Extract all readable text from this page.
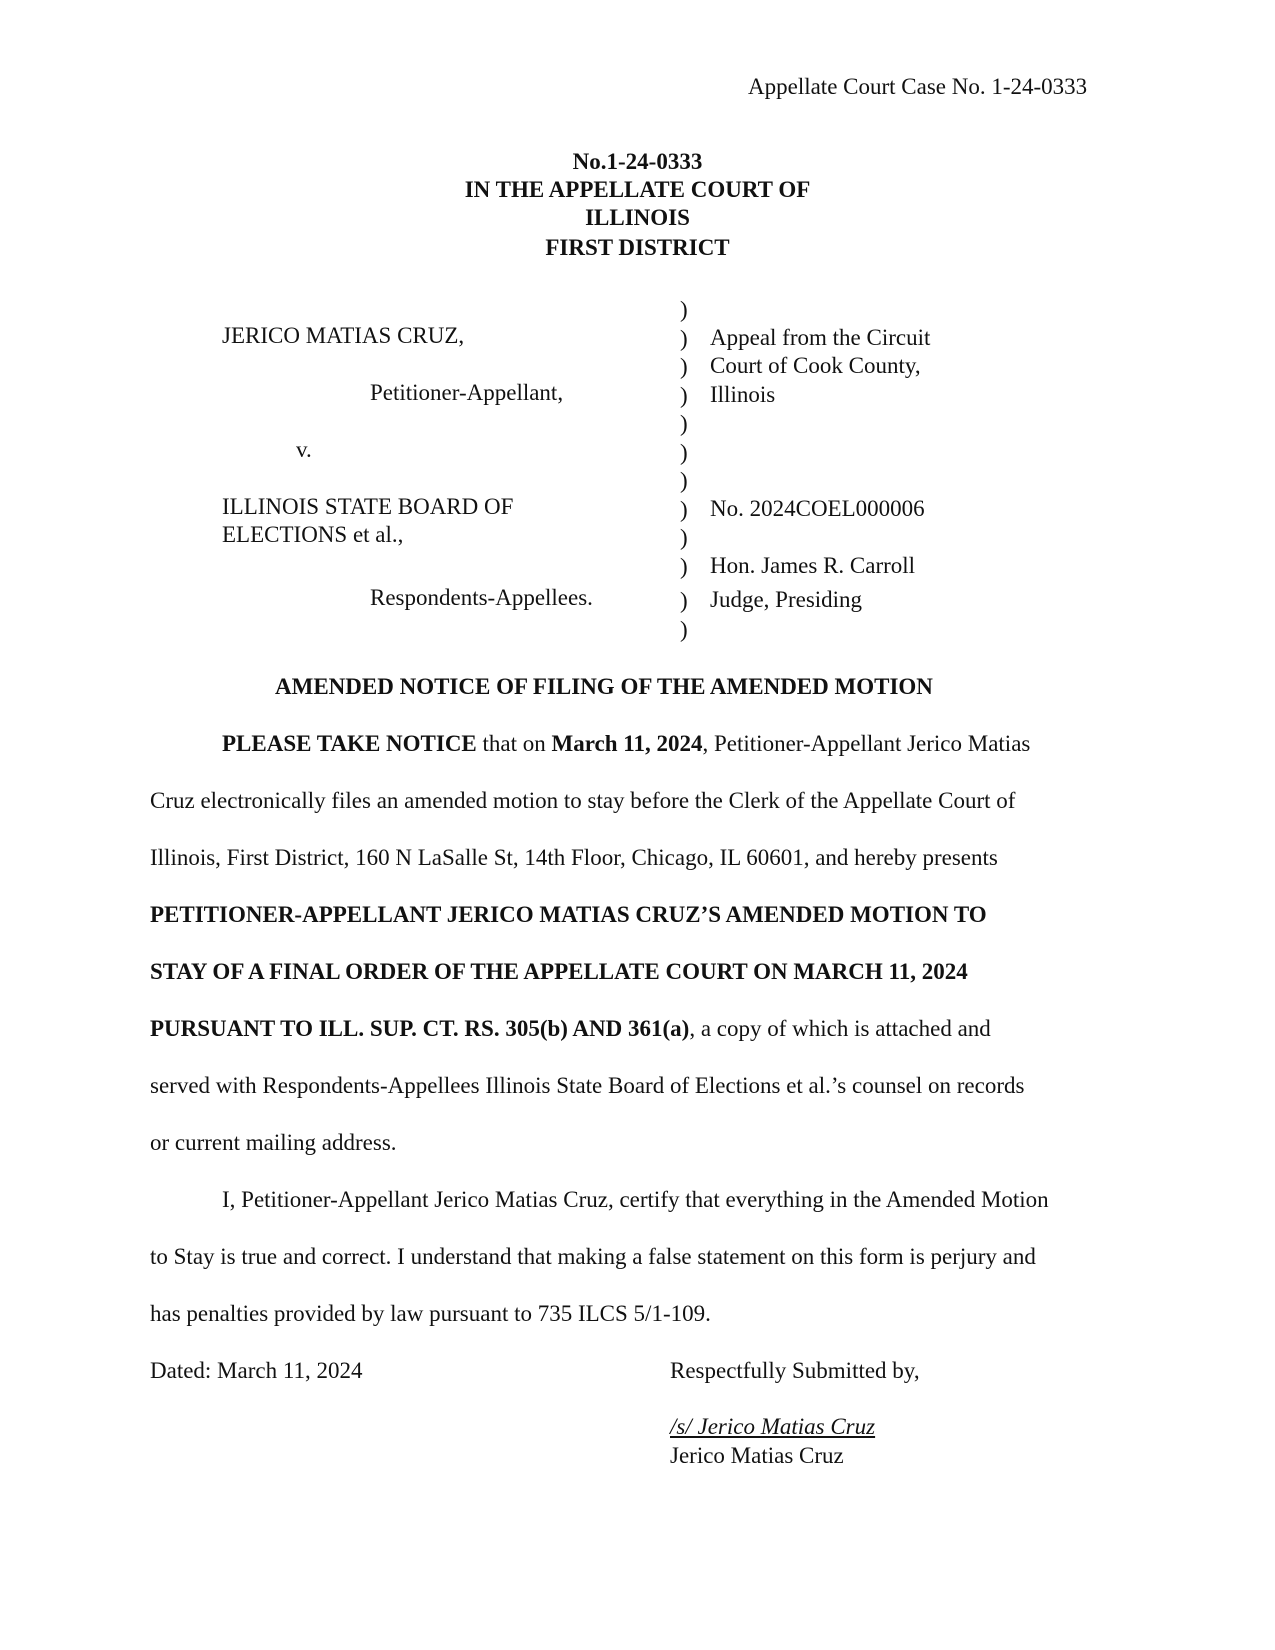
Appellate Court Case No. 1-24-0333
No.1-24-0333
IN THE APPELLATE COURT OF
ILLINOIS
FIRST DISTRICT
JERICO MATIAS CRUZ,
Petitioner-Appellant,
v.
ILLINOIS STATE BOARD OF
ELECTIONS et al.,
Respondents-Appellees.
)
)
)
)
)
)
)
)
)
)
)
)
Appeal from the Circuit
Court of Cook County,
Illinois
No. 2024COEL000006
Hon. James R. Carroll
Judge, Presiding
AMENDED NOTICE OF FILING OF THE AMENDED MOTION
PLEASE TAKE NOTICE that on March 11, 2024, Petitioner-Appellant Jerico Matias
Cruz electronically files an amended motion to stay before the Clerk of the Appellate Court of
Illinois, First District, 160 N LaSalle St, 14th Floor, Chicago, IL 60601, and hereby presents
PETITIONER-APPELLANT JERICO MATIAS CRUZ’S AMENDED MOTION TO
STAY OF A FINAL ORDER OF THE APPELLATE COURT ON MARCH 11, 2024
PURSUANT TO ILL. SUP. CT. RS. 305(b) AND 361(a), a copy of which is attached and
served with Respondents-Appellees Illinois State Board of Elections et al.’s counsel on records
or current mailing address.
I, Petitioner-Appellant Jerico Matias Cruz, certify that everything in the Amended Motion
to Stay is true and correct. I understand that making a false statement on this form is perjury and
has penalties provided by law pursuant to 735 ILCS 5/1-109.
Dated: March 11, 2024	Respectfully Submitted by,
/s/ Jerico Matias Cruz
Jerico Matias Cruz
